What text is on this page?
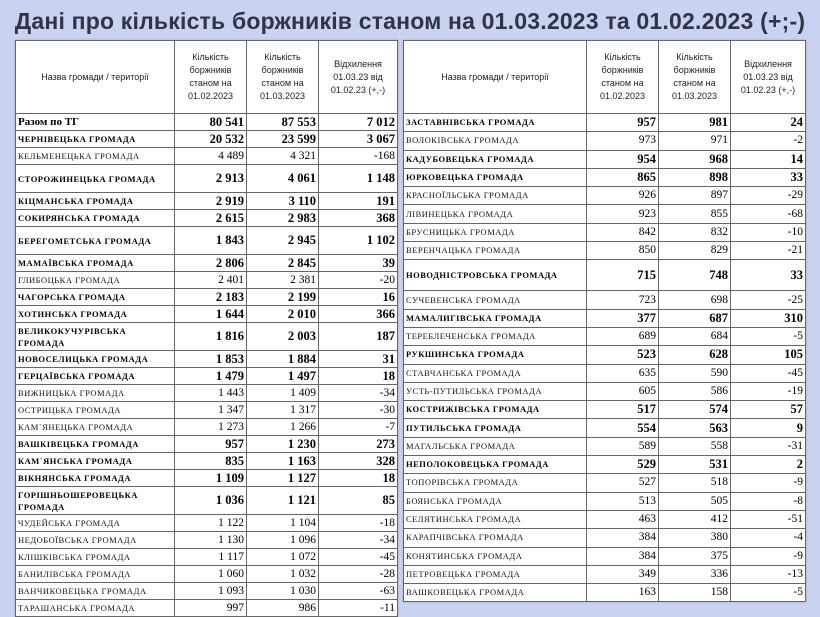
Дані про кількість боржників станом на 01.03.2023 та 01.02.2023 (+;-)
Назва громади / території	Кількість боржників станом на 01.02.2023	Кількість боржників станом на 01.03.2023	Відхилення 01.03.23 від 01.02.23 (+,-)
Разом по ТГ	80 541	87 553	7 012
ЧЕРНІВЕЦЬКА ГРОМАДА	20 532	23 599	3 067
КЕЛЬМЕНЕЦЬКА ГРОМАДА	4 489	4 321	-168
СТОРОЖИНЕЦЬКА ГРОМАДА	2 913	4 061	1 148
КІЦМАНСЬКА ГРОМАДА	2 919	3 110	191
СОКИРЯНСЬКА ГРОМАДА	2 615	2 983	368
БЕРЕГОМЕТСЬКА ГРОМАДА	1 843	2 945	1 102
МАМАЇВСЬКА ГРОМАДА	2 806	2 845	39
ГЛИБОЦЬКА ГРОМАДА	2 401	2 381	-20
ЧАГОРСЬКА ГРОМАДА	2 183	2 199	16
ХОТИНСЬКА ГРОМАДА	1 644	2 010	366
ВЕЛИКОКУЧУРІВСЬКА ГРОМАДА	1 816	2 003	187
НОВОСЕЛИЦЬКА ГРОМАДА	1 853	1 884	31
ГЕРЦАЇВСЬКА ГРОМАДА	1 479	1 497	18
ВИЖНИЦЬКА ГРОМАДА	1 443	1 409	-34
ОСТРИЦЬКА ГРОМАДА	1 347	1 317	-30
КАМ`ЯНЕЦЬКА ГРОМАДА	1 273	1 266	-7
ВАШКІВЕЦЬКА ГРОМАДА	957	1 230	273
КАМ`ЯНСЬКА ГРОМАДА	835	1 163	328
ВІКНЯНСЬКА ГРОМАДА	1 109	1 127	18
ГОРІШНЬОШЕРОВЕЦЬКА ГРОМАДА	1 036	1 121	85
ЧУДЕЙСЬКА ГРОМАДА	1 122	1 104	-18
НЕДОБОЇВСЬКА ГРОМАДА	1 130	1 096	-34
КЛІШКІВСЬКА ГРОМАДА	1 117	1 072	-45
БАНИЛІВСЬКА ГРОМАДА	1 060	1 032	-28
ВАНЧИКОВЕЦЬКА ГРОМАДА	1 093	1 030	-63
ТАРАШАНСЬКА ГРОМАДА	997	986	-11
Назва громади / території	Кількість боржників станом на 01.02.2023	Кількість боржників станом на 01.03.2023	Відхилення 01.03.23 від 01.02.23 (+,-)
ЗАСТАВНІВСЬКА ГРОМАДА	957	981	24
ВОЛОКІВСЬКА ГРОМАДА	973	971	-2
КАДУБОВЕЦЬКА ГРОМАДА	954	968	14
ЮРКОВЕЦЬКА ГРОМАДА	865	898	33
КРАСНОЇЛЬСЬКА ГРОМАДА	926	897	-29
ЛІВИНЕЦЬКА ГРОМАДА	923	855	-68
БРУСНИЦЬКА ГРОМАДА	842	832	-10
ВЕРЕНЧАЦЬКА ГРОМАДА	850	829	-21
НОВОДНІСТРОВСЬКА ГРОМАДА	715	748	33
СУЧЕВЕНСЬКА ГРОМАДА	723	698	-25
МАМАЛИГІВСЬКА ГРОМАДА	377	687	310
ТЕРЕБЛЕЧЕНСЬКА ГРОМАДА	689	684	-5
РУКШИНСЬКА ГРОМАДА	523	628	105
СТАВЧАНСЬКА ГРОМАДА	635	590	-45
УСТЬ-ПУТИЛЬСЬКА ГРОМАДА	605	586	-19
КОСТРИЖІВСЬКА ГРОМАДА	517	574	57
ПУТИЛЬСЬКА ГРОМАДА	554	563	9
МАГАЛЬСЬКА ГРОМАДА	589	558	-31
НЕПОЛОКОВЕЦЬКА ГРОМАДА	529	531	2
ТОПОРІВСЬКА ГРОМАДА	527	518	-9
БОЯНСЬКА ГРОМАДА	513	505	-8
СЕЛЯТИНСЬКА ГРОМАДА	463	412	-51
КАРАПЧІВСЬКА ГРОМАДА	384	380	-4
КОНЯТИНСЬКА ГРОМАДА	384	375	-9
ПЕТРОВЕЦЬКА ГРОМАДА	349	336	-13
ВАШКОВЕЦЬКА ГРОМАДА	163	158	-5
